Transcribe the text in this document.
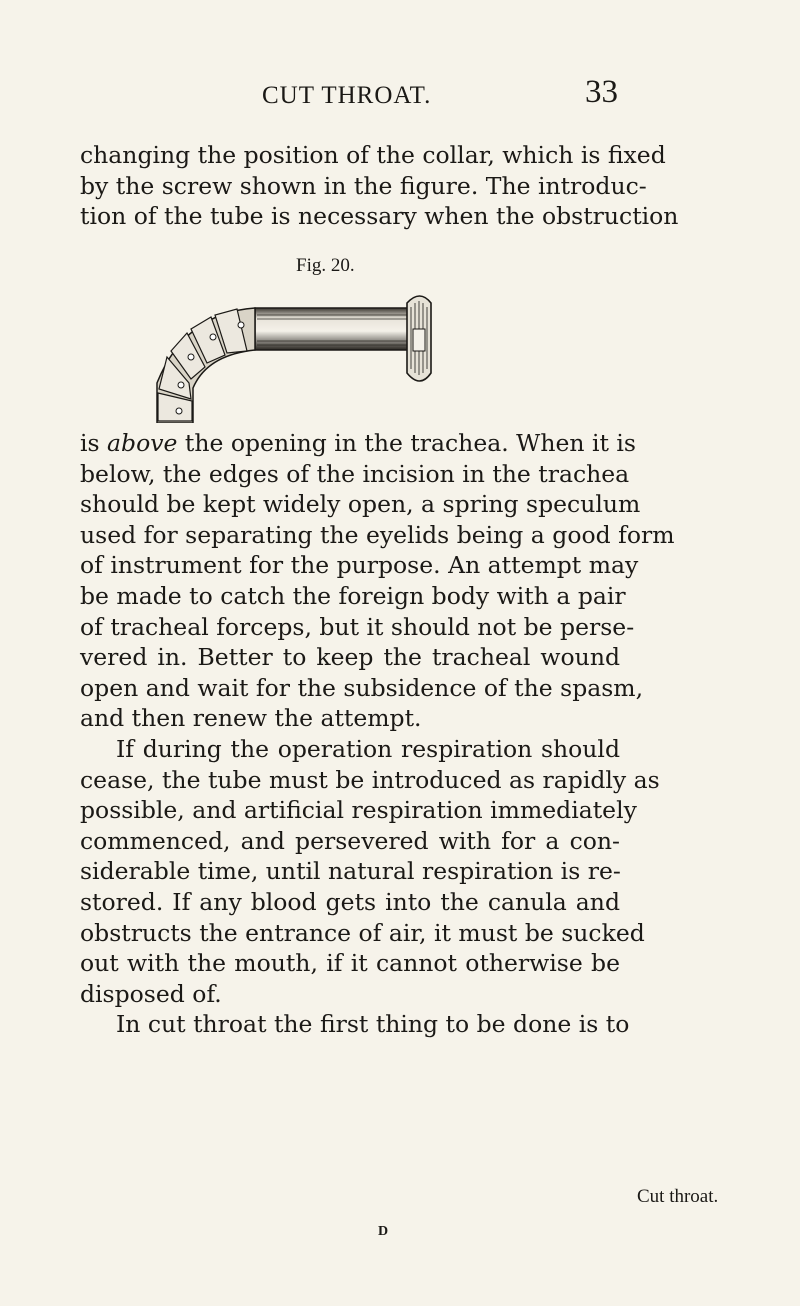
CUT THROAT.	33
changing the position of the collar, which is fixed
by the screw shown in the figure. The introduc-
tion of the tube is necessary when the obstruction
Fig. 20.
is above the opening in the trachea. When it is
below, the edges of the incision in the trachea
should be kept widely open, a spring speculum
used for separating the eyelids being a good form
of instrument for the purpose. An attempt may
be made to catch the foreign body with a pair
of tracheal forceps, but it should not be perse-
vered in. Better to keep the tracheal wound
open and wait for the subsidence of the spasm,
and then renew the attempt.
If during the operation respiration should
cease, the tube must be introduced as rapidly as
possible, and artificial respiration immediately
commenced, and persevered with for a con-
siderable time, until natural respiration is re-
stored. If any blood gets into the canula and
obstructs the entrance of air, it must be sucked
out with the mouth, if it cannot otherwise be
disposed of.
In cut throat the first thing to be done is to
Cut throat.
D
